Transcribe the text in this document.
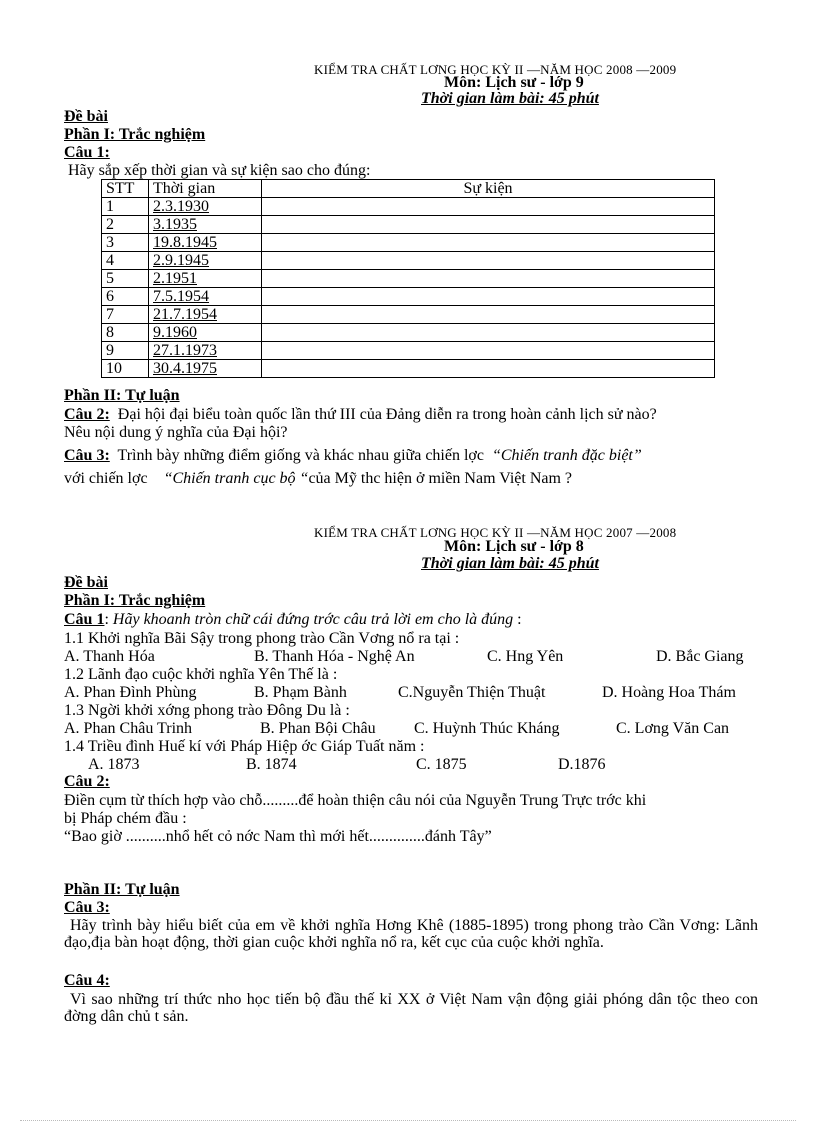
KIỂM TRA CHẤT LƠNG HỌC KỲ II —NĂM HỌC 2008 —2009
Môn: Lịch sư - lớp 9
Thời gian làm bài: 45 phút
Đề bài
Phần I: Trắc nghiệm
Câu 1:
Hãy sắp xếp thời gian và sự kiện sao cho đúng:
STT	Thời gian	Sự kiện
1	2.3.1930	
2	3.1935	
3	19.8.1945	
4	2.9.1945	
5	2.1951	
6	7.5.1954	
7	21.7.1954	
8	9.1960	
9	27.1.1973	
10	30.4.1975	
Phần II: Tự luận
Câu 2: Đại hội đại biểu toàn quốc lần thứ III của Đảng diễn ra trong hoàn cảnh lịch sử nào?
Nêu nội dung ý nghĩa của Đại hội?
Câu 3: Trình bày những điểm giống và khác nhau giữa chiến lợc “Chiến tranh đặc biệt”
với chiến lợc “Chiến tranh cục bộ “của Mỹ thc hiện ở miền Nam Việt Nam ?
KIỂM TRA CHẤT LƠNG HỌC KỲ II —NĂM HỌC 2007 —2008
Môn: Lịch sư - lớp 8
Thời gian làm bài: 45 phút
Đề bài
Phần I: Trắc nghiệm
Câu 1: Hãy khoanh tròn chữ cái đứng trớc câu trả lời em cho là đúng :
1.1 Khởi nghĩa Bãi Sậy trong phong trào Cần Vơng nổ ra tại :
A. Thanh Hóa	B. Thanh Hóa - Nghệ An	C. Hng Yên	D. Bắc Giang
1.2 Lãnh đạo cuộc khởi nghĩa Yên Thế là :
A. Phan Đình Phùng	B. Phạm Bành	C.Nguyễn Thiện Thuật	D. Hoàng Hoa Thám
1.3 Ngời khởi xớng phong trào Đông Du là :
A. Phan Châu Trinh	B. Phan Bội Châu C. Huỳnh Thúc Kháng	C. Lơng Văn Can
1.4 Triều đình Huế kí với Pháp Hiệp ớc Giáp Tuất năm :
A. 1873	B. 1874	C. 1875	D.1876
Câu 2:
Điền cụm từ thích hợp vào chỗ.........để hoàn thiện câu nói của Nguyễn Trung Trực trớc khi
bị Pháp chém đầu :
“Bao giờ ..........nhổ hết cỏ nớc Nam thì mới hết..............đánh Tây”
Phần II: Tự luận
Câu 3:
Hãy trình bày hiểu biết của em về khởi nghĩa Hơng Khê (1885-1895) trong phong trào Cần Vơng: Lãnh đạo,địa bàn hoạt động, thời gian cuộc khởi nghĩa nổ ra, kết cục của cuộc khởi nghĩa.
Câu 4:
Vì sao những trí thức nho học tiến bộ đầu thế kỉ XX ở Việt Nam vận động giải phóng dân tộc theo con đờng dân chủ t sản.
